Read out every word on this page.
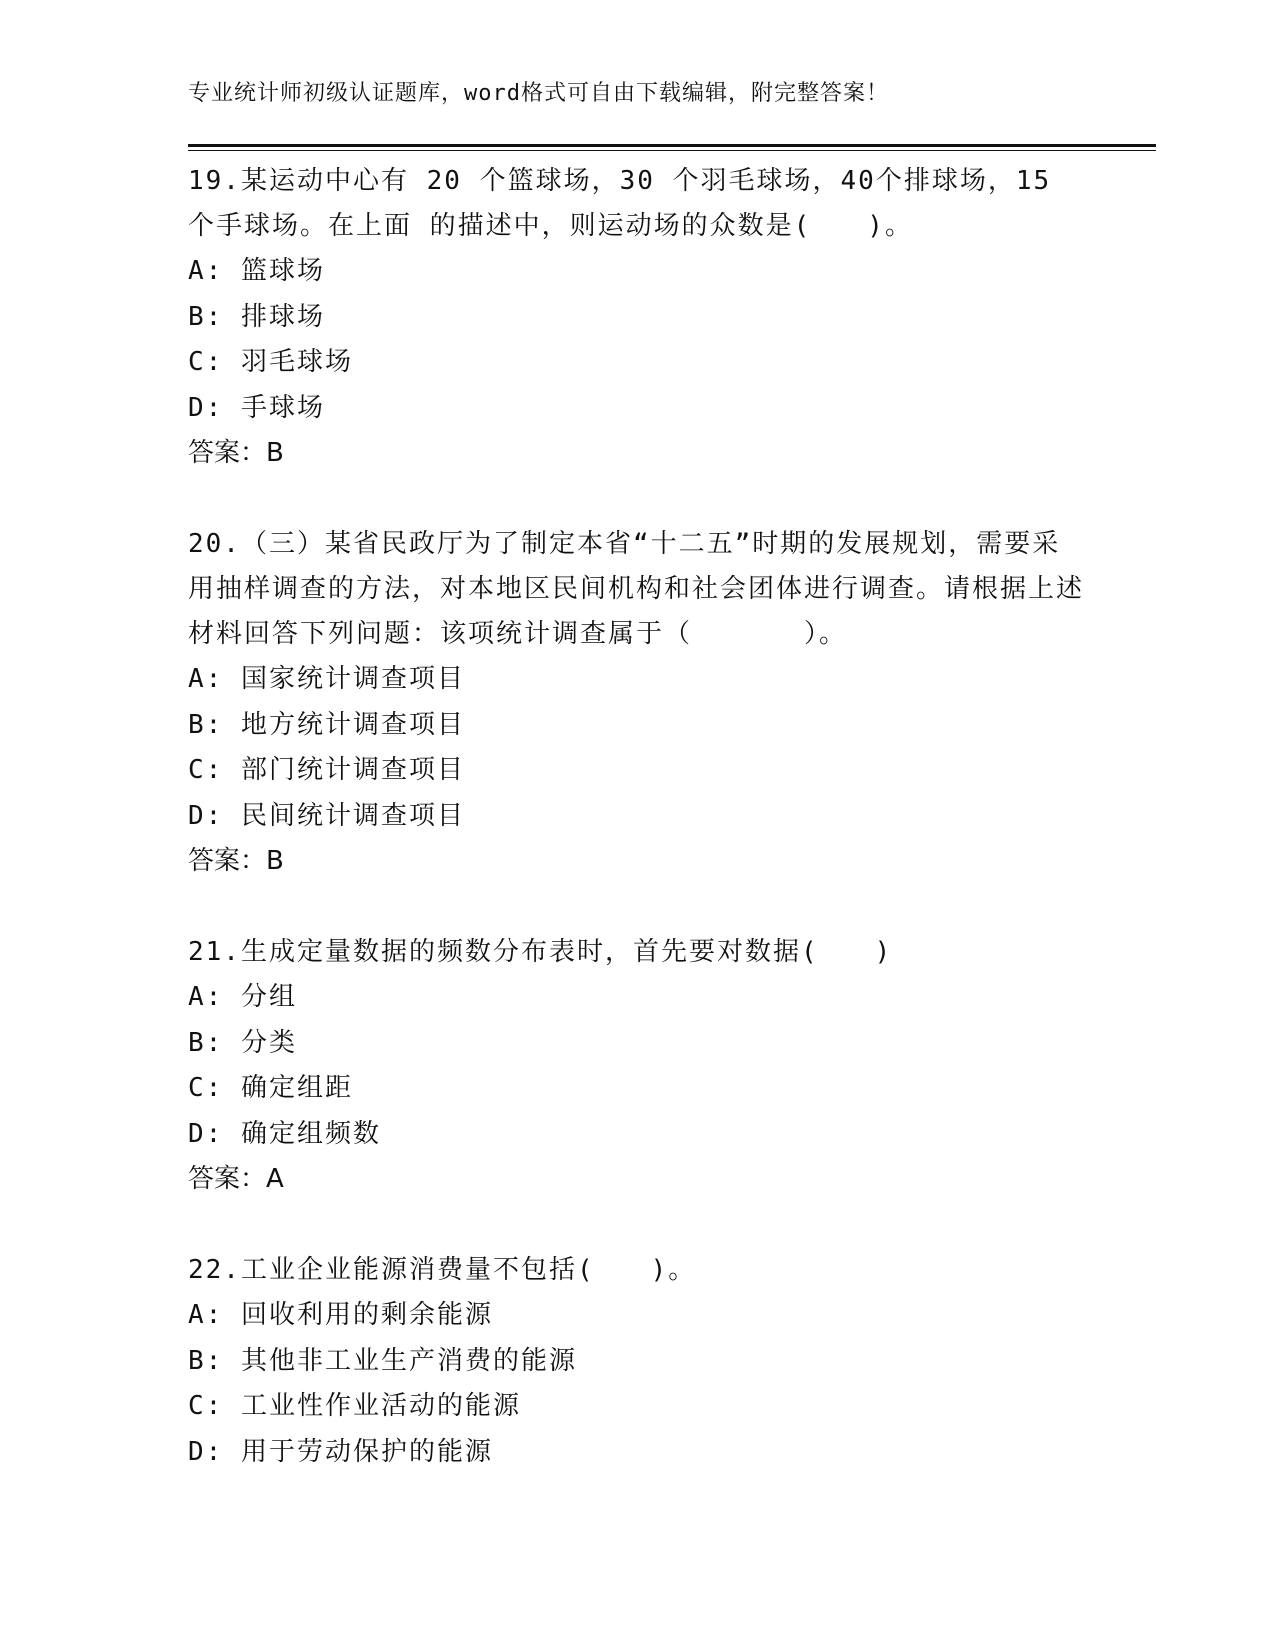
专业统计师初级认证题库，word格式可自由下载编辑，附完整答案！

19.某运动中心有 20 个篮球场，30 个羽毛球场，40个排球场，15 个手球场。在上面 的描述中，则运动场的众数是(　　)。

A: 篮球场
B: 排球场
C: 羽毛球场
D: 手球场
答案：B

20.（三）某省民政厅为了制定本省“十二五”时期的发展规划，需要采用抽样调查的方法，对本地区民间机构和社会团体进行调查。请根据上述材料回答下列问题：该项统计调查属于（　　　　）。

A: 国家统计调查项目
B: 地方统计调查项目
C: 部门统计调查项目
D: 民间统计调查项目
答案：B

21.生成定量数据的频数分布表时，首先要对数据(　　)

A: 分组
B: 分类
C: 确定组距
D: 确定组频数
答案：A

22.工业企业能源消费量不包括(　　)。

A: 回收利用的剩余能源
B: 其他非工业生产消费的能源
C: 工业性作业活动的能源
D: 用于劳动保护的能源
